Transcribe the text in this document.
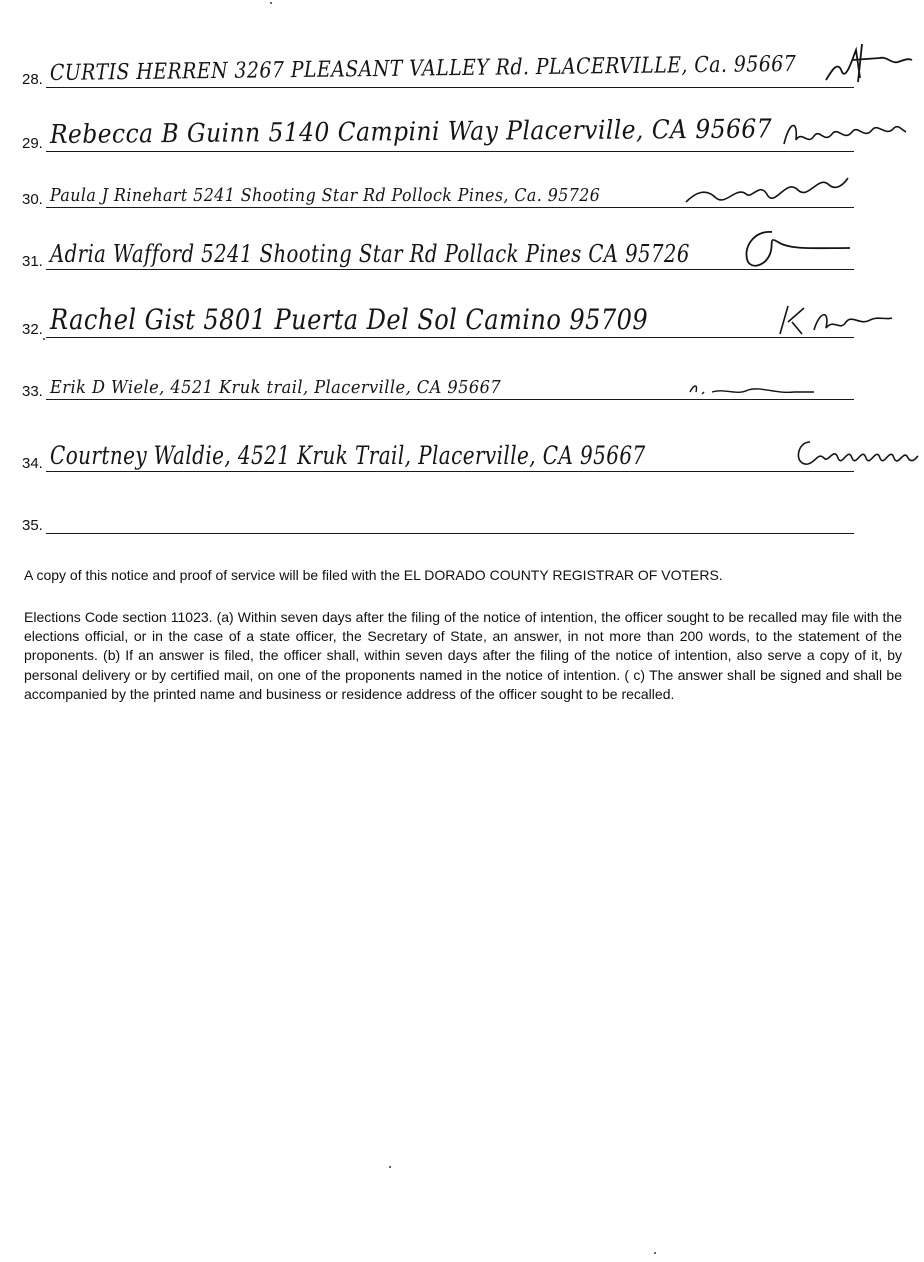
28. CURTIS HERREN 3267 PLEASANT VALLEY Rd. PLACERVILLE, Ca. 95667
29. Rebecca B Guinn 5140 Campini Way Placerville, CA 95667
30. Paula J Rinehart 5241 Shooting Star Rd Pollock Pines, Ca. 95726
31. Adria Wafford 5241 Shooting Star Rd Pollack Pines CA 95726
32. Rachel Gist 5801 Puerta Del Sol Camino 95709
33. Erik D Wiele, 4521 Kruk trail, Placerville, CA 95667
34. Courtney Waldie, 4521 Kruk Trail, Placerville, CA 95667
35.

A copy of this notice and proof of service will be filed with the EL DORADO COUNTY REGISTRAR OF VOTERS.

Elections Code section 11023. (a) Within seven days after the filing of the notice of intention, the officer sought to be recalled may file with the elections official, or in the case of a state officer, the Secretary of State, an answer, in not more than 200 words, to the statement of the proponents. (b) If an answer is filed, the officer shall, within seven days after the filing of the notice of intention, also serve a copy of it, by personal delivery or by certified mail, on one of the proponents named in the notice of intention. ( c) The answer shall be signed and shall be accompanied by the printed name and business or residence address of the officer sought to be recalled.
